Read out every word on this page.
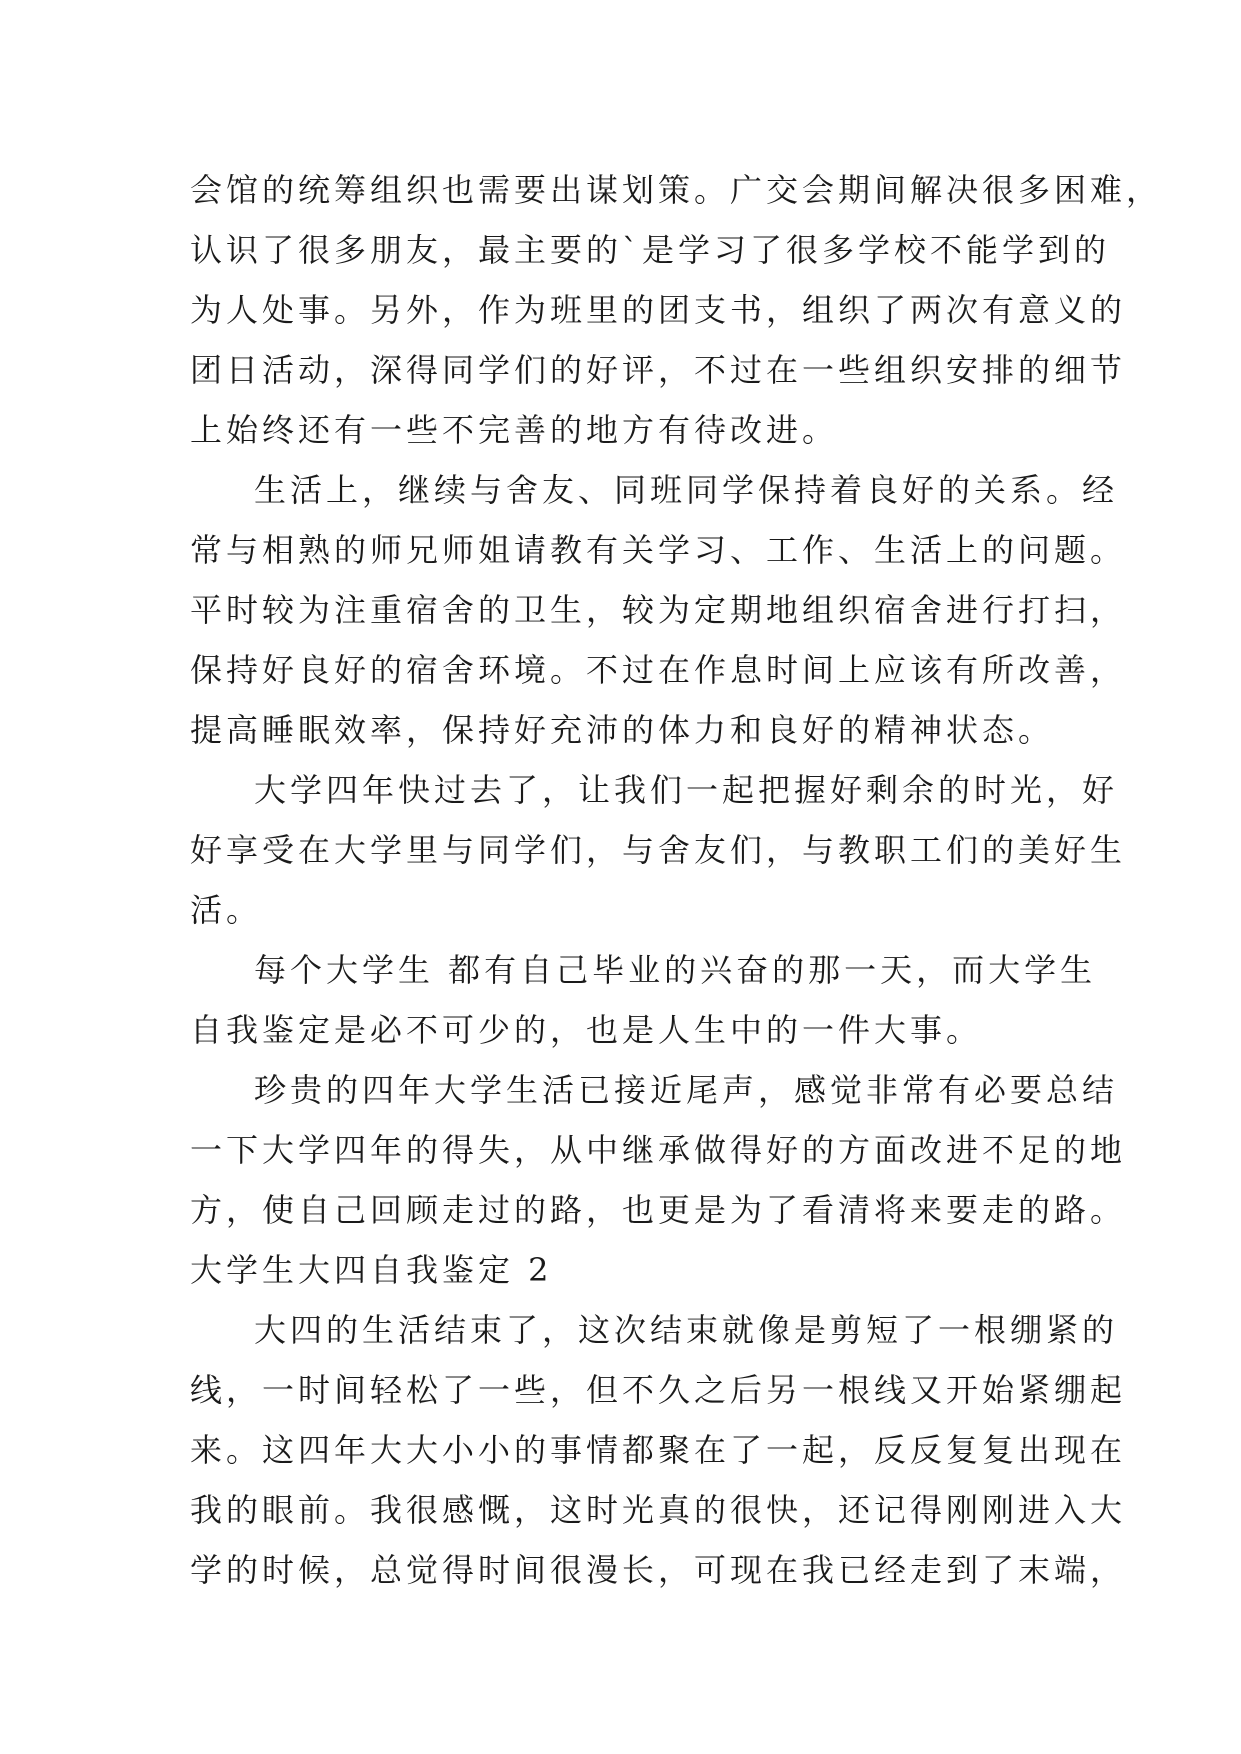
会馆的统筹组织也需要出谋划策。广交会期间解决很多困难，
认识了很多朋友，最主要的`是学习了很多学校不能学到的
为人处事。另外，作为班里的团支书，组织了两次有意义的
团日活动，深得同学们的好评，不过在一些组织安排的细节
上始终还有一些不完善的地方有待改进。
生活上，继续与舍友、同班同学保持着良好的关系。经
常与相熟的师兄师姐请教有关学习、工作、生活上的问题。
平时较为注重宿舍的卫生，较为定期地组织宿舍进行打扫，
保持好良好的宿舍环境。不过在作息时间上应该有所改善，
提高睡眠效率，保持好充沛的体力和良好的精神状态。
大学四年快过去了，让我们一起把握好剩余的时光，好
好享受在大学里与同学们，与舍友们，与教职工们的美好生
活。
每个大学生 都有自己毕业的兴奋的那一天，而大学生
自我鉴定是必不可少的，也是人生中的一件大事。
珍贵的四年大学生活已接近尾声，感觉非常有必要总结
一下大学四年的得失，从中继承做得好的方面改进不足的地
方，使自己回顾走过的路，也更是为了看清将来要走的路。
大学生大四自我鉴定 2
大四的生活结束了，这次结束就像是剪短了一根绷紧的
线，一时间轻松了一些，但不久之后另一根线又开始紧绷起
来。这四年大大小小的事情都聚在了一起，反反复复出现在
我的眼前。我很感慨，这时光真的很快，还记得刚刚进入大
学的时候，总觉得时间很漫长，可现在我已经走到了末端，
